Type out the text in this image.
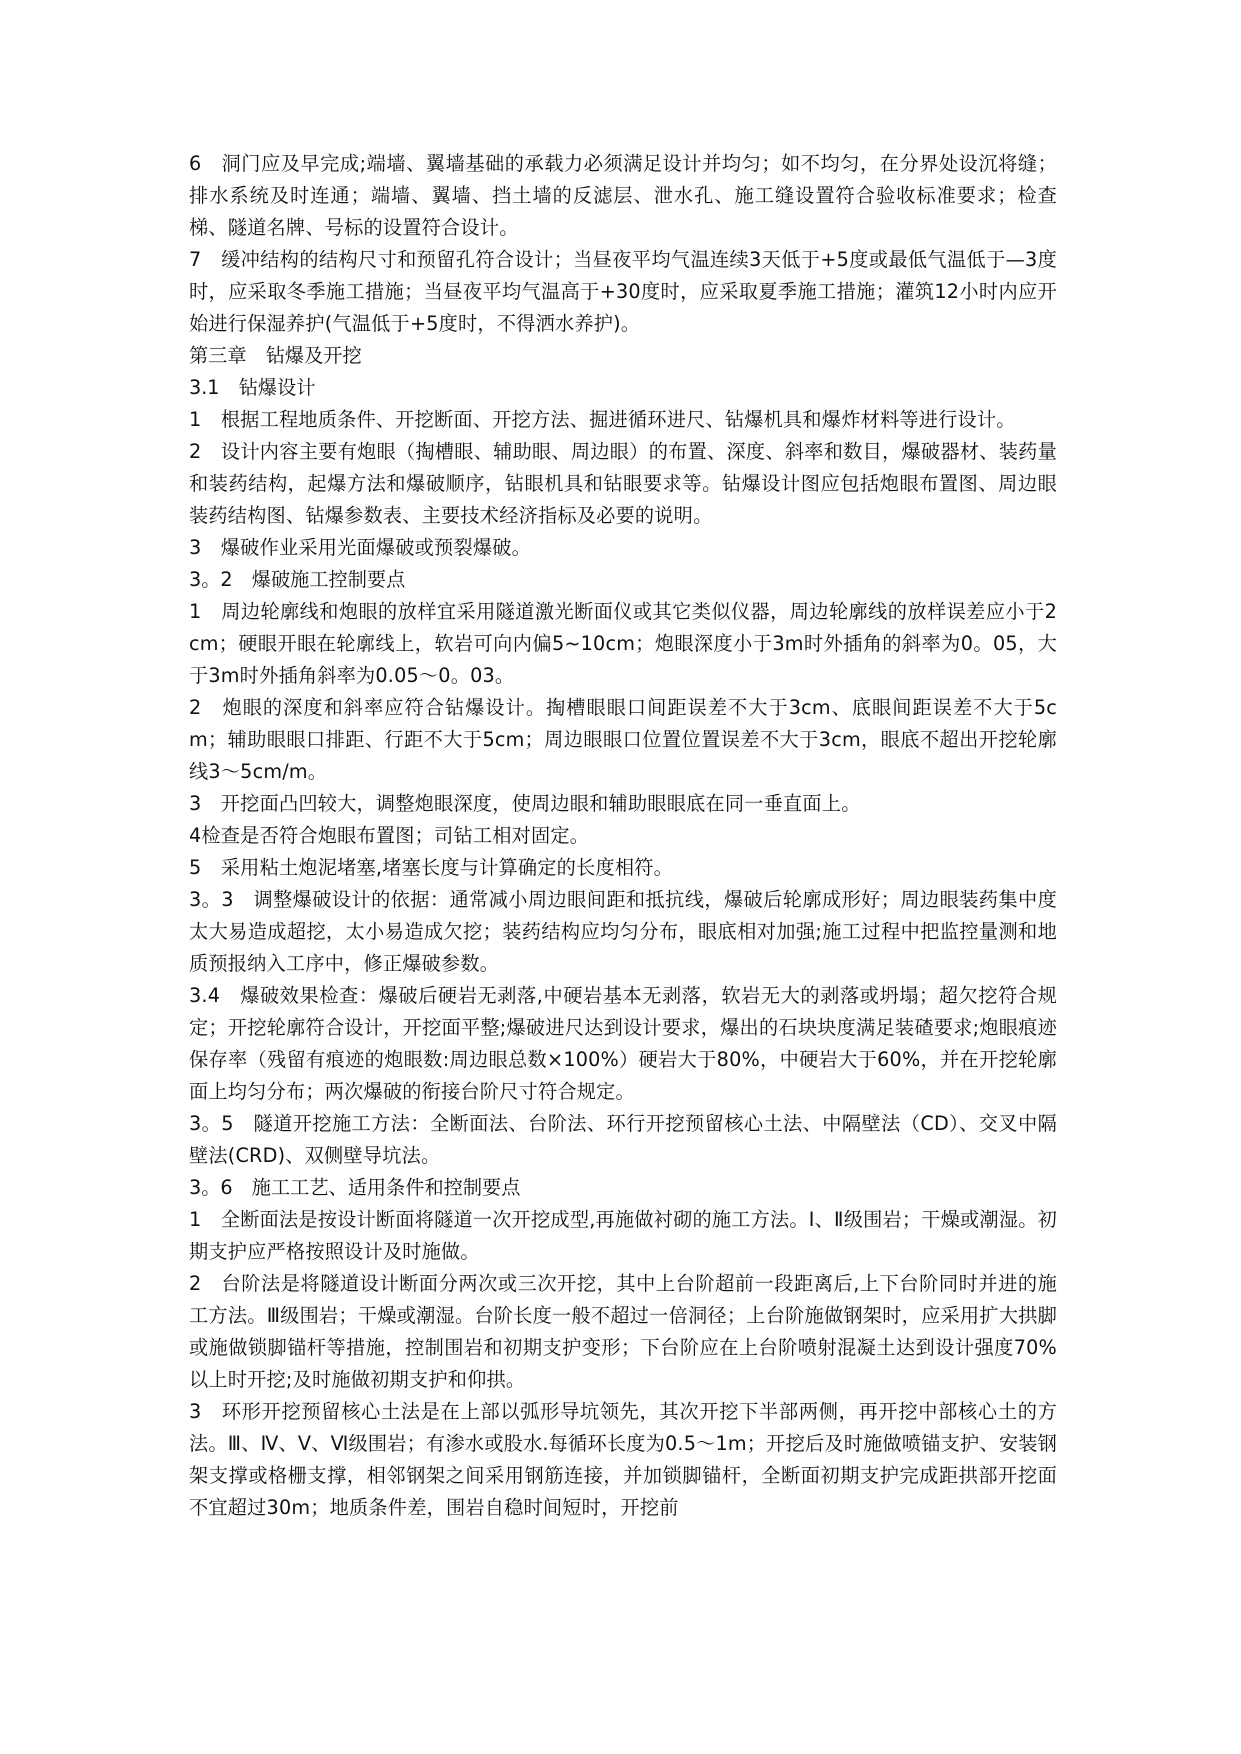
6　洞门应及早完成;端墙、翼墙基础的承载力必须满足设计并均匀；如不均匀，在分界处设沉将缝；排水系统及时连通；端墙、翼墙、挡土墙的反滤层、泄水孔、施工缝设置符合验收标准要求；检查梯、隧道名牌、号标的设置符合设计。

7　缓冲结构的结构尺寸和预留孔符合设计；当昼夜平均气温连续3天低于+5度或最低气温低于—3度时，应采取冬季施工措施；当昼夜平均气温高于+30度时，应采取夏季施工措施；灌筑12小时内应开始进行保湿养护(气温低于+5度时，不得洒水养护)。

第三章　钻爆及开挖

3.1　钻爆设计

1　根据工程地质条件、开挖断面、开挖方法、掘进循环进尺、钻爆机具和爆炸材料等进行设计。

2　设计内容主要有炮眼（掏槽眼、辅助眼、周边眼）的布置、深度、斜率和数目，爆破器材、装药量和装药结构，起爆方法和爆破顺序，钻眼机具和钻眼要求等。钻爆设计图应包括炮眼布置图、周边眼装药结构图、钻爆参数表、主要技术经济指标及必要的说明。

3　爆破作业采用光面爆破或预裂爆破。

3。2　爆破施工控制要点

1　周边轮廓线和炮眼的放样宜采用隧道激光断面仪或其它类似仪器，周边轮廓线的放样误差应小于2cm；硬眼开眼在轮廓线上，软岩可向内偏5~10cm；炮眼深度小于3m时外插角的斜率为0。05，大于3m时外插角斜率为0.05～0。03。

2　炮眼的深度和斜率应符合钻爆设计。掏槽眼眼口间距误差不大于3cm、底眼间距误差不大于5cm；辅助眼眼口排距、行距不大于5cm；周边眼眼口位置位置误差不大于3cm，眼底不超出开挖轮廓线3～5cm/m。

3　开挖面凸凹较大，调整炮眼深度，使周边眼和辅助眼眼底在同一垂直面上。

4检查是否符合炮眼布置图；司钻工相对固定。

5　采用粘土炮泥堵塞,堵塞长度与计算确定的长度相符。

3。3　调整爆破设计的依据：通常减小周边眼间距和抵抗线，爆破后轮廓成形好；周边眼装药集中度太大易造成超挖，太小易造成欠挖；装药结构应均匀分布，眼底相对加强;施工过程中把监控量测和地质预报纳入工序中，修正爆破参数。

3.4　爆破效果检查：爆破后硬岩无剥落,中硬岩基本无剥落，软岩无大的剥落或坍塌；超欠挖符合规定；开挖轮廓符合设计，开挖面平整;爆破进尺达到设计要求，爆出的石块块度满足装碴要求;炮眼痕迹保存率（残留有痕迹的炮眼数:周边眼总数×100%）硬岩大于80%，中硬岩大于60%，并在开挖轮廓面上均匀分布；两次爆破的衔接台阶尺寸符合规定。

3。5　隧道开挖施工方法：全断面法、台阶法、环行开挖预留核心土法、中隔壁法（CD）、交叉中隔壁法(CRD)、双侧壁导坑法。

3。6　施工工艺、适用条件和控制要点

1　全断面法是按设计断面将隧道一次开挖成型,再施做衬砌的施工方法。Ⅰ、Ⅱ级围岩；干燥或潮湿。初期支护应严格按照设计及时施做。

2　台阶法是将隧道设计断面分两次或三次开挖，其中上台阶超前一段距离后,上下台阶同时并进的施工方法。Ⅲ级围岩；干燥或潮湿。台阶长度一般不超过一倍洞径；上台阶施做钢架时，应采用扩大拱脚或施做锁脚锚杆等措施，控制围岩和初期支护变形；下台阶应在上台阶喷射混凝土达到设计强度70%以上时开挖;及时施做初期支护和仰拱。

3　环形开挖预留核心土法是在上部以弧形导坑领先，其次开挖下半部两侧，再开挖中部核心土的方法。Ⅲ、Ⅳ、Ⅴ、Ⅵ级围岩；有渗水或股水.每循环长度为0.5～1m；开挖后及时施做喷锚支护、安装钢架支撑或格栅支撑，相邻钢架之间采用钢筋连接，并加锁脚锚杆，全断面初期支护完成距拱部开挖面不宜超过30m；地质条件差，围岩自稳时间短时，开挖前
